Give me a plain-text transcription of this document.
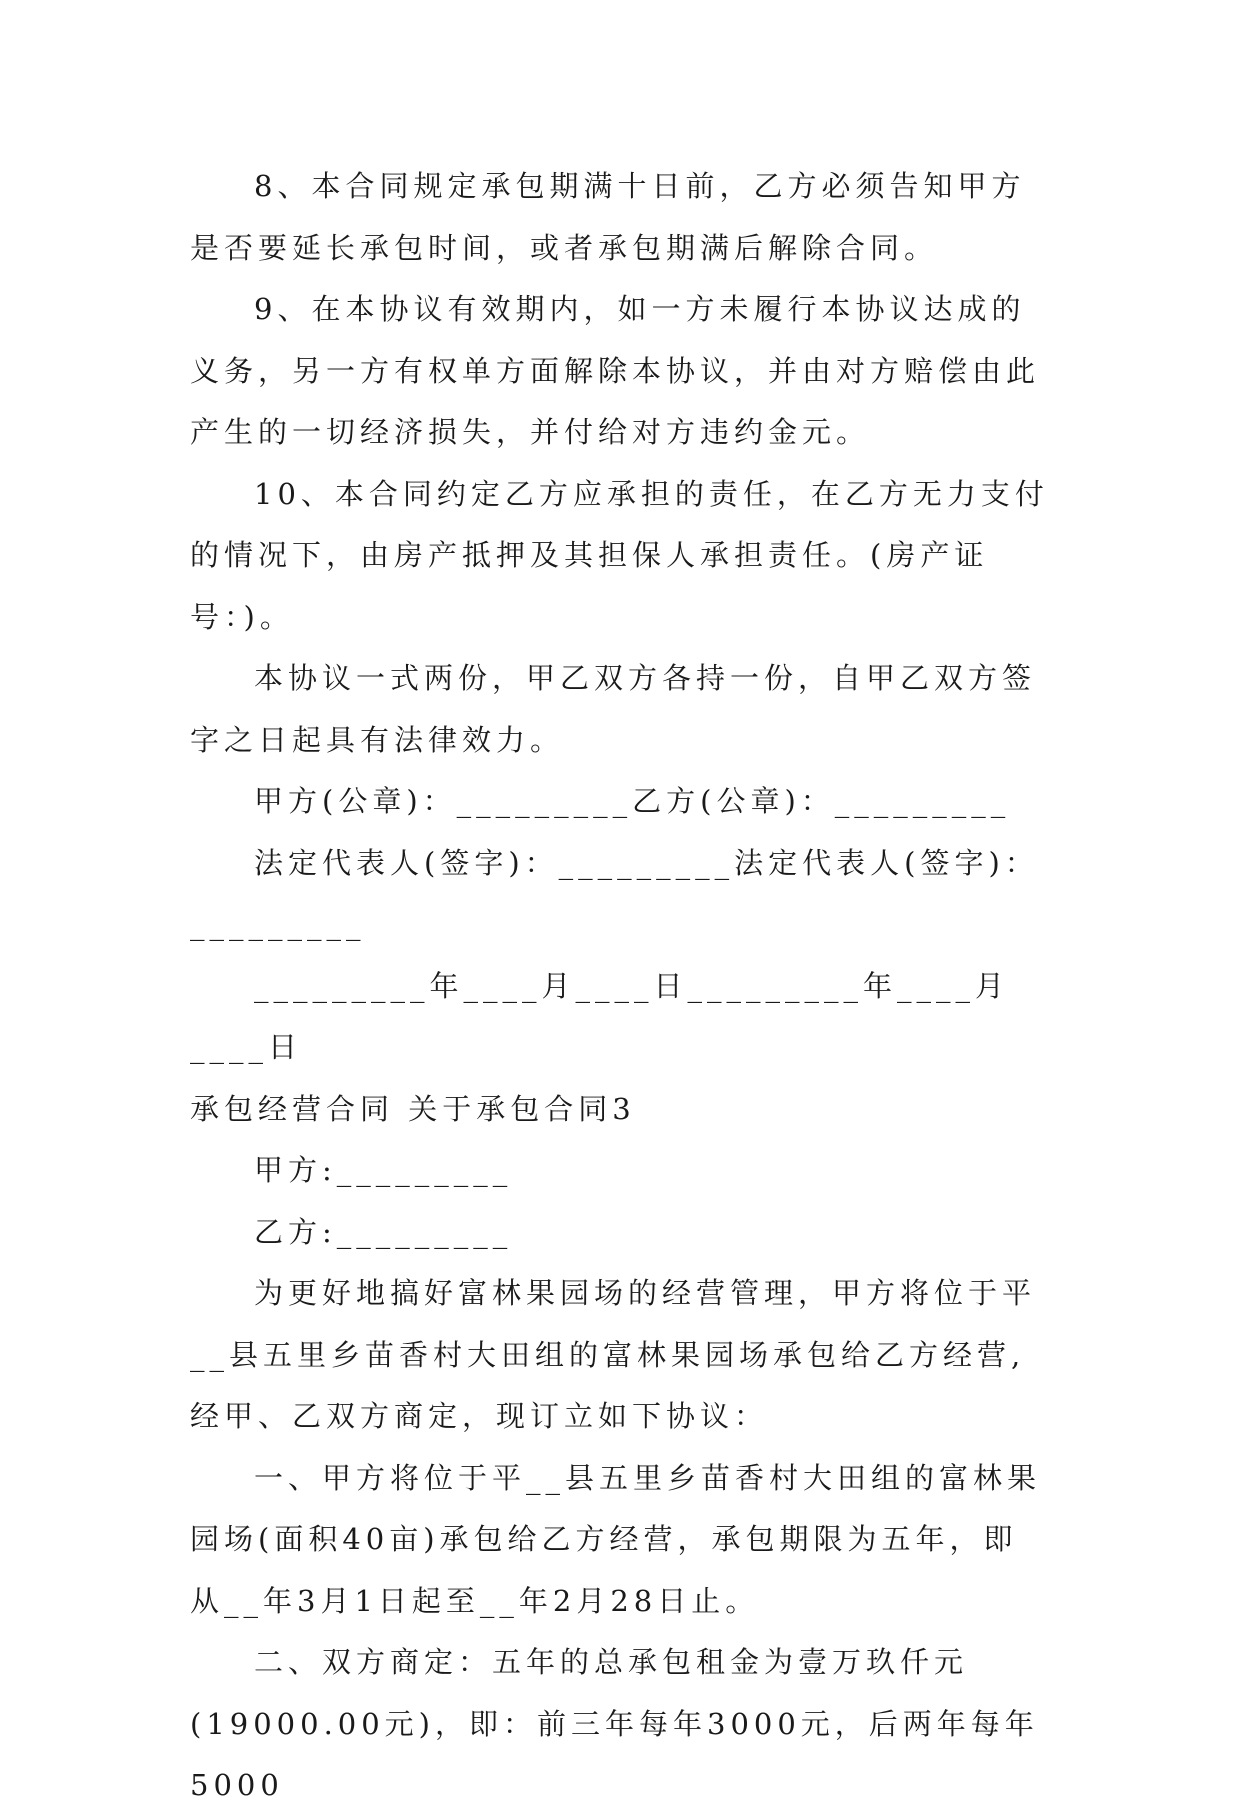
8、本合同规定承包期满十日前，乙方必须告知甲方是否要延长承包时间，或者承包期满后解除合同。

9、在本协议有效期内，如一方未履行本协议达成的义务，另一方有权单方面解除本协议，并由对方赔偿由此产生的一切经济损失，并付给对方违约金元。

10、本合同约定乙方应承担的责任，在乙方无力支付的情况下，由房产抵押及其担保人承担责任。(房产证号：)。

本协议一式两份，甲乙双方各持一份，自甲乙双方签字之日起具有法律效力。

甲方(公章)：_________乙方(公章)：_________

法定代表人(签字)：_________法定代表人(签字)：

_________

_________年____月____日_________年____月____日

承包经营合同 关于承包合同3

甲方:_________

乙方:_________

为更好地搞好富林果园场的经营管理，甲方将位于平__县五里乡苗香村大田组的富林果园场承包给乙方经营,经甲、乙双方商定，现订立如下协议：

一、甲方将位于平__县五里乡苗香村大田组的富林果园场(面积40亩)承包给乙方经营，承包期限为五年，即从__年3月1日起至__年2月28日止。

二、双方商定：五年的总承包租金为壹万玖仟元(19000.00元)，即：前三年每年3000元，后两年每年5000
